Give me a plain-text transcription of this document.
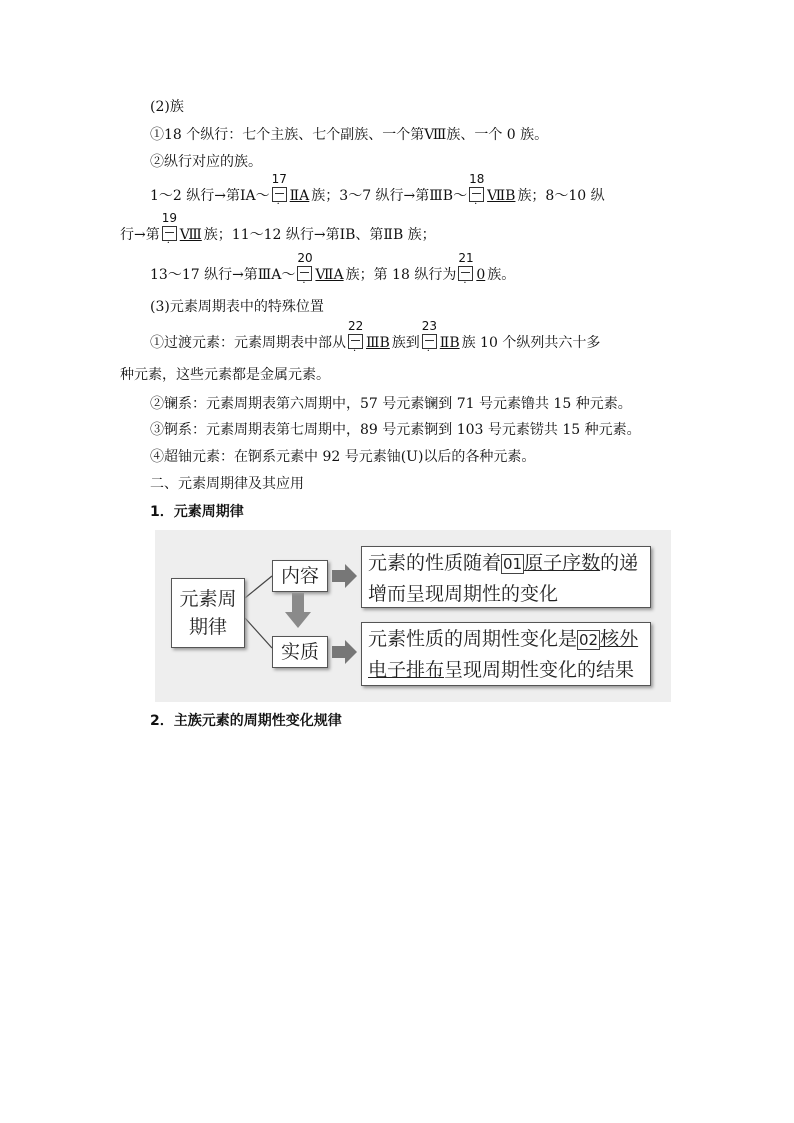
(2)族
①18 个纵行：七个主族、七个副族、一个第Ⅷ族、一个 0 族。
②纵行对应的族。
1～2 纵行→第ⅠA～
17
·
ⅡA 族；3～7 纵行→第ⅢB～
18
·
ⅦB 族；8～10 纵
行→第
19
·
Ⅷ 族；11～12 纵行→第ⅠB、第ⅡB 族；
13～17 纵行→第ⅢA～
20
·
ⅦA 族；第 18 纵行为
21
·
0 族。
(3)元素周期表中的特殊位置
①过渡元素：元素周期表中部从
22
·
ⅢB 族到
23
·
ⅡB 族 10 个纵列共六十多
种元素，这些元素都是金属元素。
②镧系：元素周期表第六周期中，57 号元素镧到 71 号元素镥共 15 种元素。
③锕系：元素周期表第七周期中，89 号元素锕到 103 号元素铹共 15 种元素。
④超铀元素：在锕系元素中 92 号元素铀(U)以后的各种元素。
二、元素周期律及其应用
1．元素周期律
元素周
期律
内容
实质
元素的性质随着 01 原子序数的递
增而呈现周期性的变化
元素性质的周期性变化是 02 核外
电子排布呈现周期性变化的结果
2．主族元素的周期性变化规律
